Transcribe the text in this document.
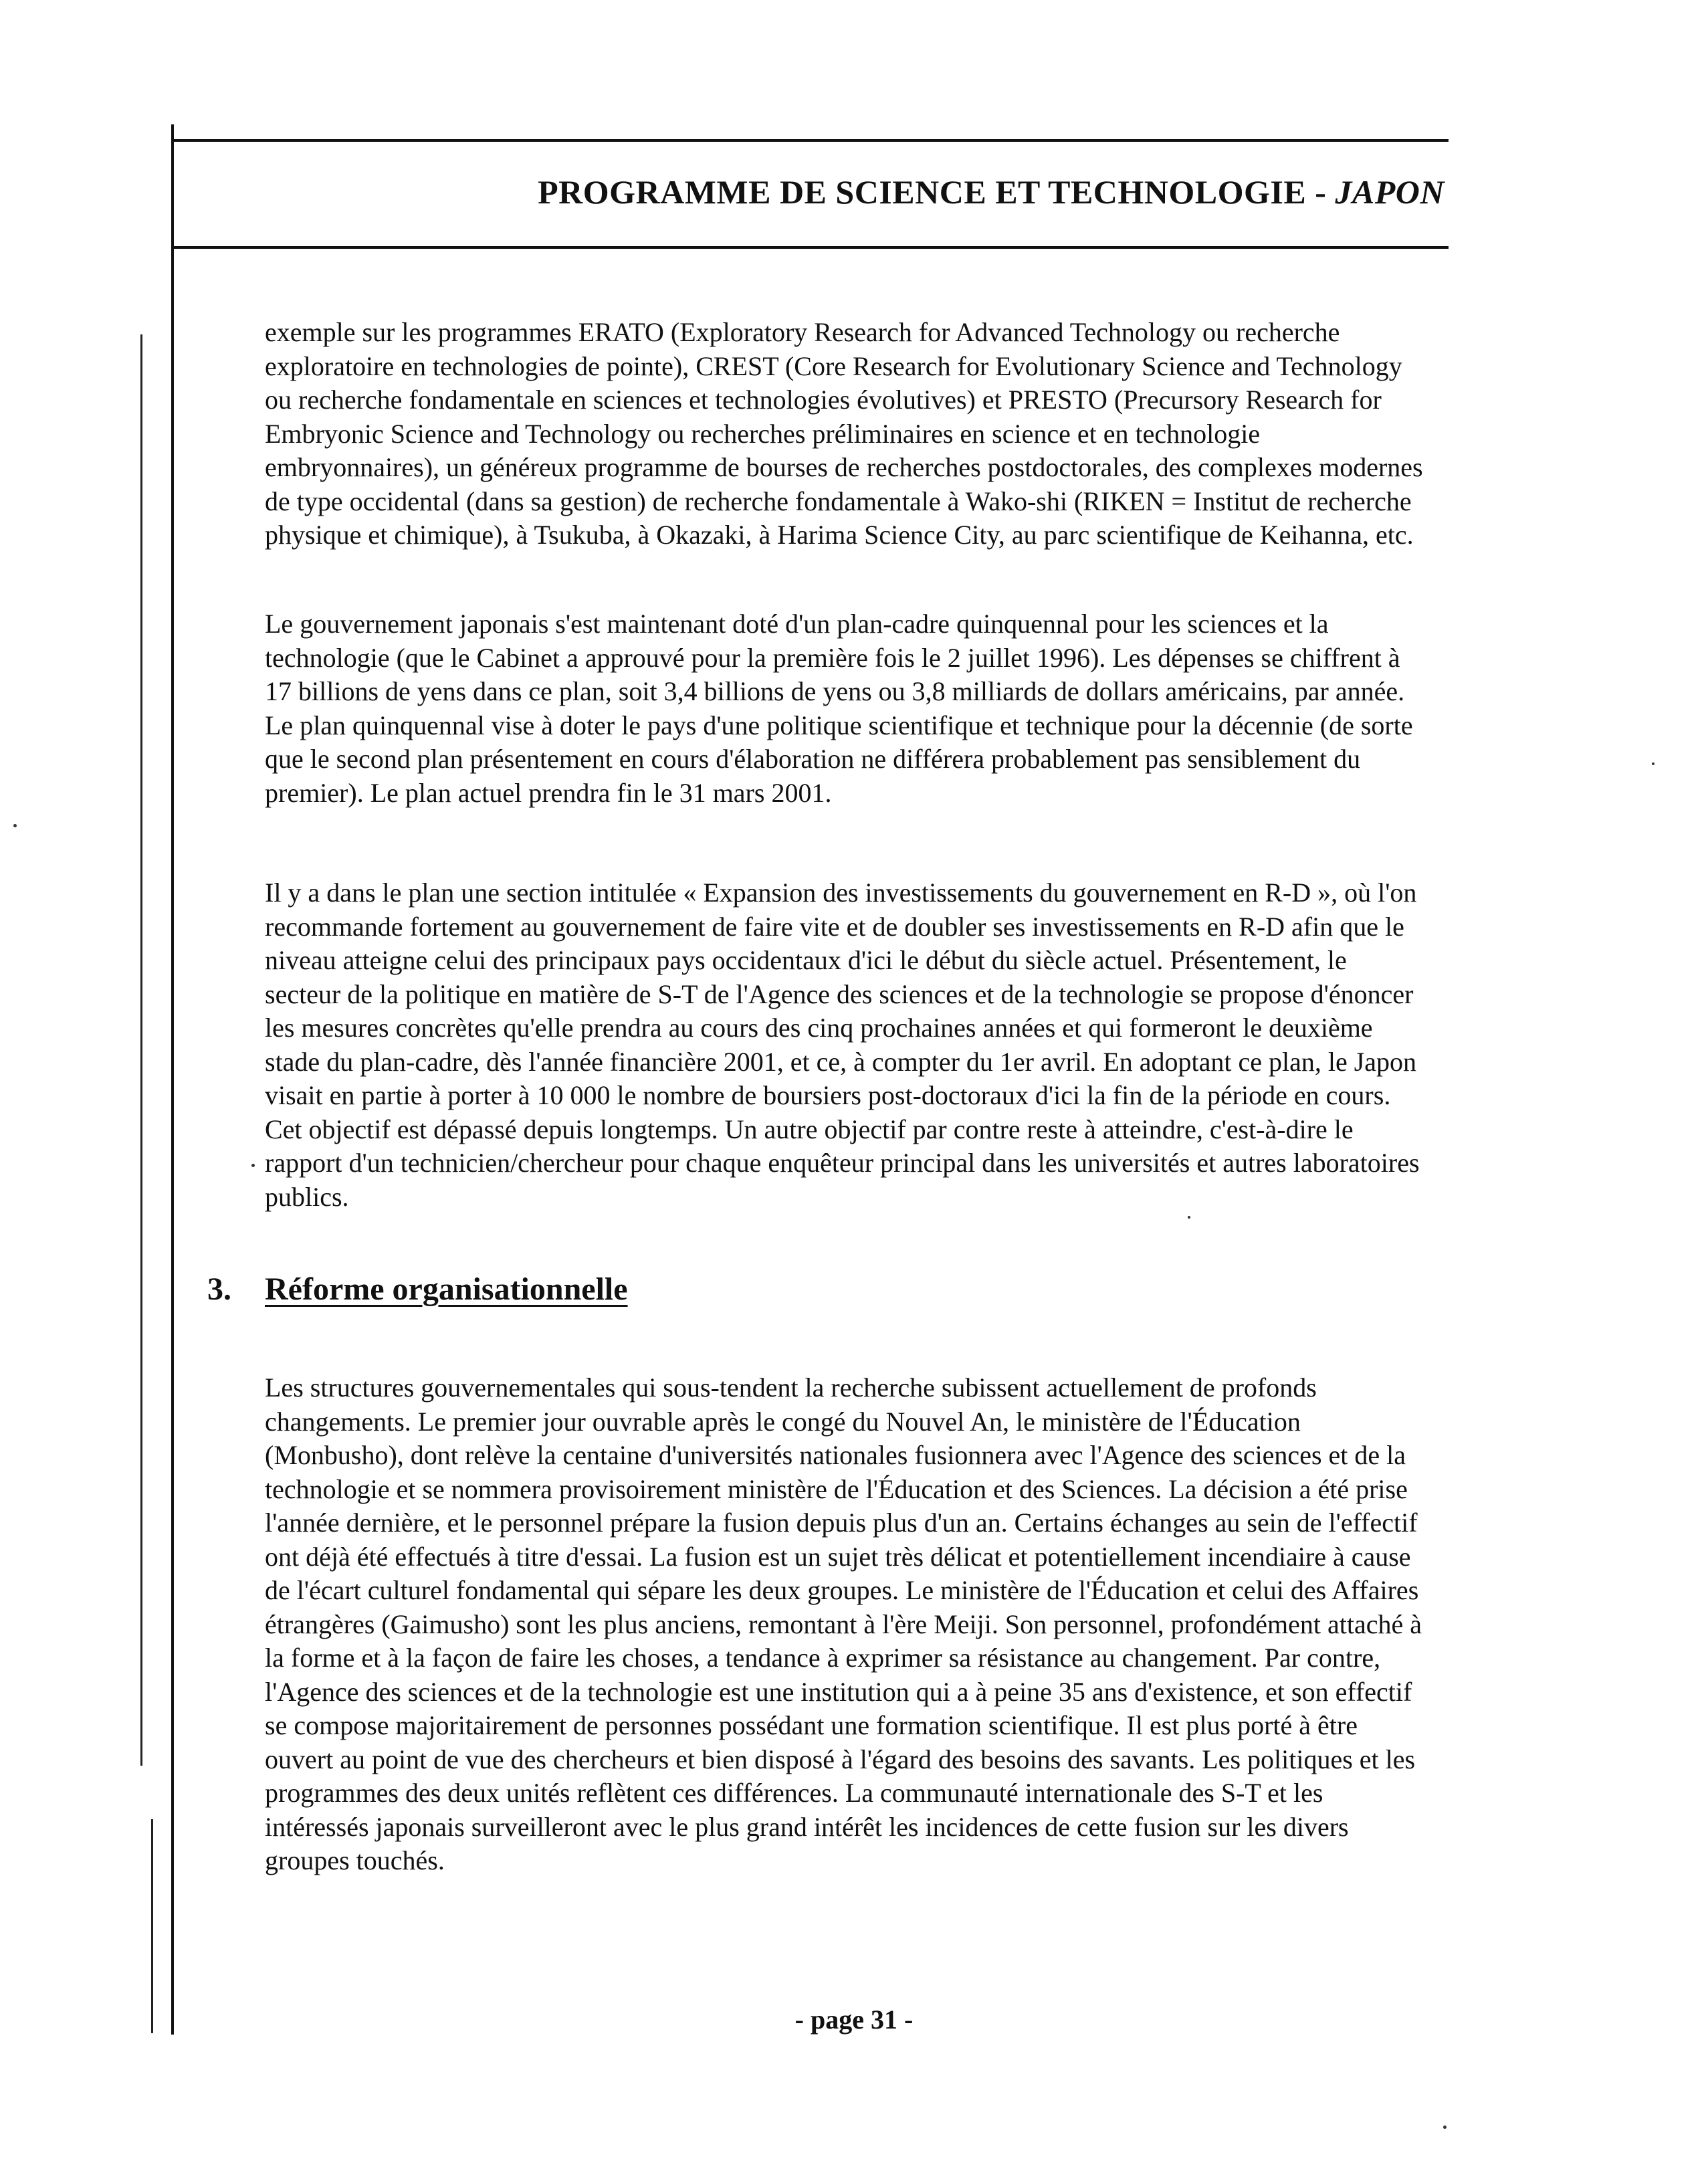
PROGRAMME DE SCIENCE ET TECHNOLOGIE - JAPON

exemple sur les programmes ERATO (Exploratory Research for Advanced Technology ou recherche exploratoire en technologies de pointe), CREST (Core Research for Evolutionary Science and Technology ou recherche fondamentale en sciences et technologies évolutives) et PRESTO (Precursory Research for Embryonic Science and Technology ou recherches préliminaires en science et en technologie embryonnaires), un généreux programme de bourses de recherches postdoctorales, des complexes modernes de type occidental (dans sa gestion) de recherche fondamentale à Wako-shi (RIKEN = Institut de recherche physique et chimique), à Tsukuba, à Okazaki, à Harima Science City, au parc scientifique de Keihanna, etc.

Le gouvernement japonais s'est maintenant doté d'un plan-cadre quinquennal pour les sciences et la technologie (que le Cabinet a approuvé pour la première fois le 2 juillet 1996). Les dépenses se chiffrent à 17 billions de yens dans ce plan, soit 3,4 billions de yens ou 3,8 milliards de dollars américains, par année. Le plan quinquennal vise à doter le pays d'une politique scientifique et technique pour la décennie (de sorte que le second plan présentement en cours d'élaboration ne différera probablement pas sensiblement du premier). Le plan actuel prendra fin le 31 mars 2001.

Il y a dans le plan une section intitulée « Expansion des investissements du gouvernement en R-D », où l'on recommande fortement au gouvernement de faire vite et de doubler ses investissements en R-D afin que le niveau atteigne celui des principaux pays occidentaux d'ici le début du siècle actuel. Présentement, le secteur de la politique en matière de S-T de l'Agence des sciences et de la technologie se propose d'énoncer les mesures concrètes qu'elle prendra au cours des cinq prochaines années et qui formeront le deuxième stade du plan-cadre, dès l'année financière 2001, et ce, à compter du 1er avril. En adoptant ce plan, le Japon visait en partie à porter à 10 000 le nombre de boursiers post-doctoraux d'ici la fin de la période en cours. Cet objectif est dépassé depuis longtemps. Un autre objectif par contre reste à atteindre, c'est-à-dire le rapport d'un technicien/chercheur pour chaque enquêteur principal dans les universités et autres laboratoires publics.

3. Réforme organisationnelle

Les structures gouvernementales qui sous-tendent la recherche subissent actuellement de profonds changements. Le premier jour ouvrable après le congé du Nouvel An, le ministère de l'Éducation (Monbusho), dont relève la centaine d'universités nationales fusionnera avec l'Agence des sciences et de la technologie et se nommera provisoirement ministère de l'Éducation et des Sciences. La décision a été prise l'année dernière, et le personnel prépare la fusion depuis plus d'un an. Certains échanges au sein de l'effectif ont déjà été effectués à titre d'essai. La fusion est un sujet très délicat et potentiellement incendiaire à cause de l'écart culturel fondamental qui sépare les deux groupes. Le ministère de l'Éducation et celui des Affaires étrangères (Gaimusho) sont les plus anciens, remontant à l'ère Meiji. Son personnel, profondément attaché à la forme et à la façon de faire les choses, a tendance à exprimer sa résistance au changement. Par contre, l'Agence des sciences et de la technologie est une institution qui a à peine 35 ans d'existence, et son effectif se compose majoritairement de personnes possédant une formation scientifique. Il est plus porté à être ouvert au point de vue des chercheurs et bien disposé à l'égard des besoins des savants. Les politiques et les programmes des deux unités reflètent ces différences. La communauté internationale des S-T et les intéressés japonais surveilleront avec le plus grand intérêt les incidences de cette fusion sur les divers groupes touchés.

- page 31 -
